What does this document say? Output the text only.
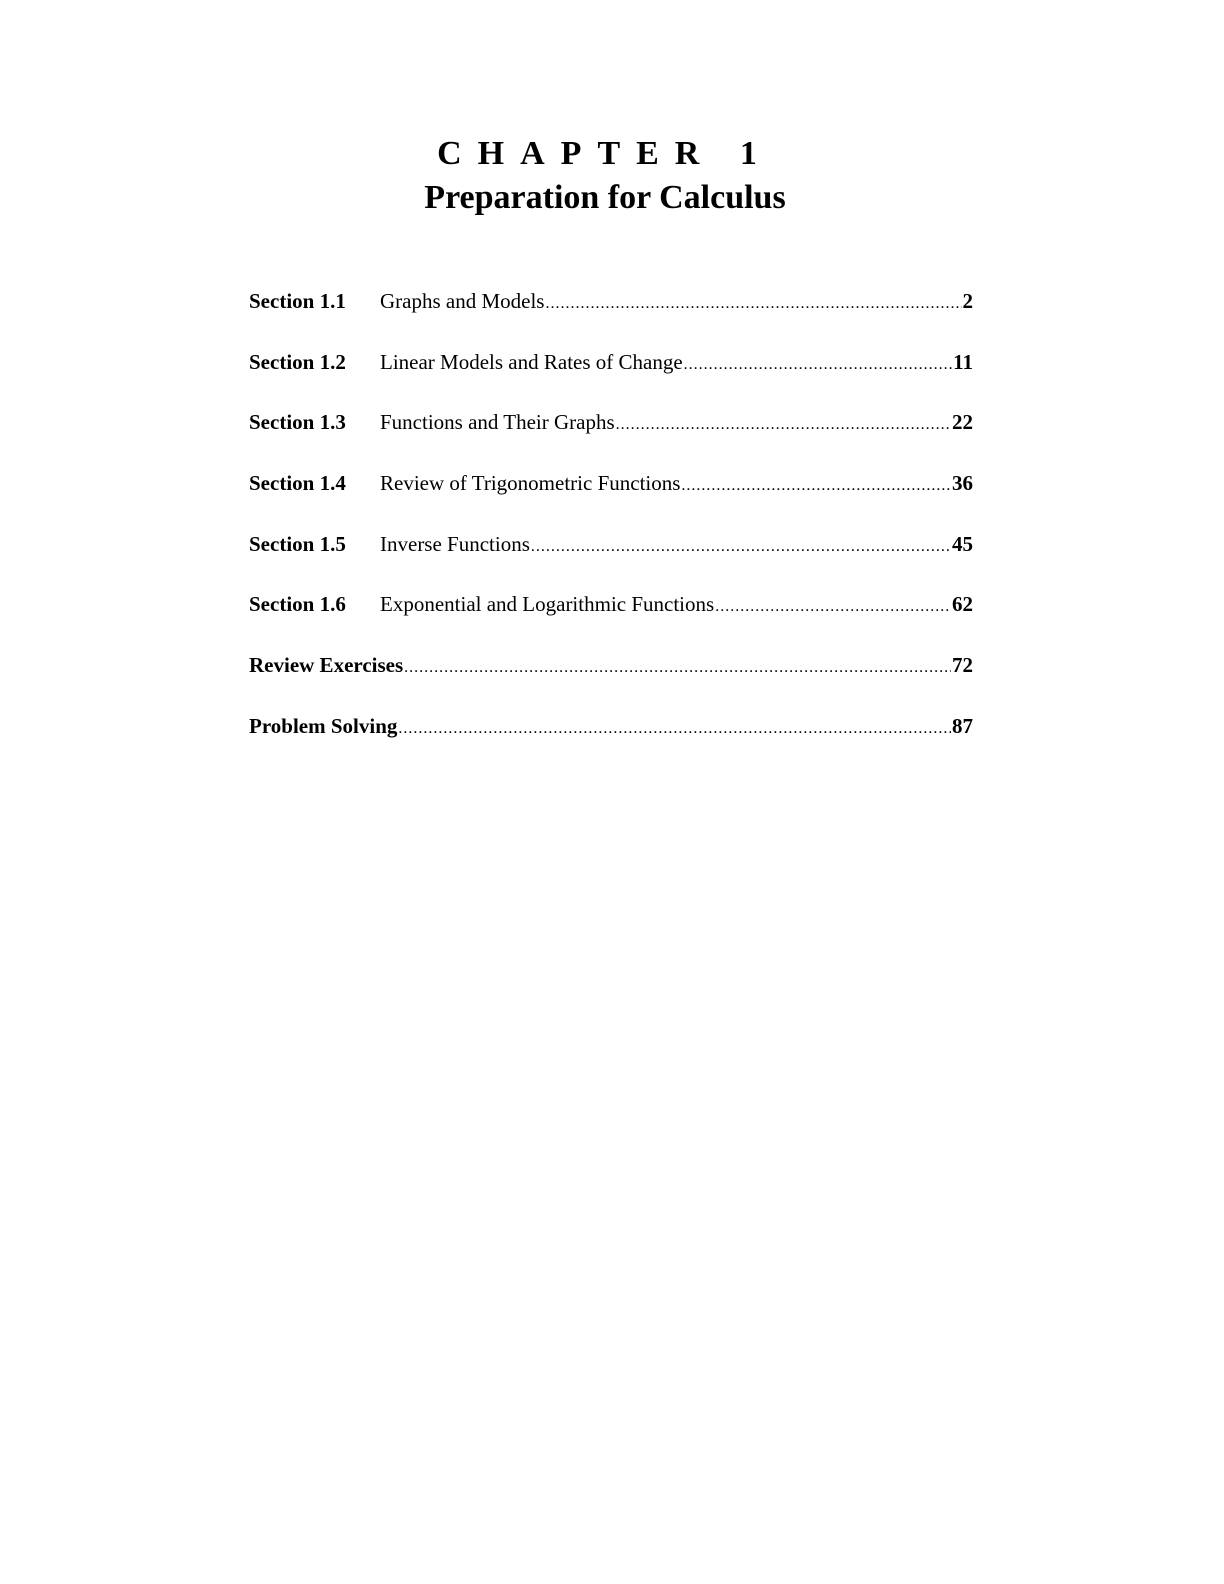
CHAPTER 1
Preparation for Calculus
Section 1.1	Graphs and Models .....	2
Section 1.2	Linear Models and Rates of Change .....	11
Section 1.3	Functions and Their Graphs .....	22
Section 1.4	Review of Trigonometric Functions .....	36
Section 1.5	Inverse Functions .....	45
Section 1.6	Exponential and Logarithmic Functions .....	62
Review Exercises .....	72
Problem Solving .....	87
